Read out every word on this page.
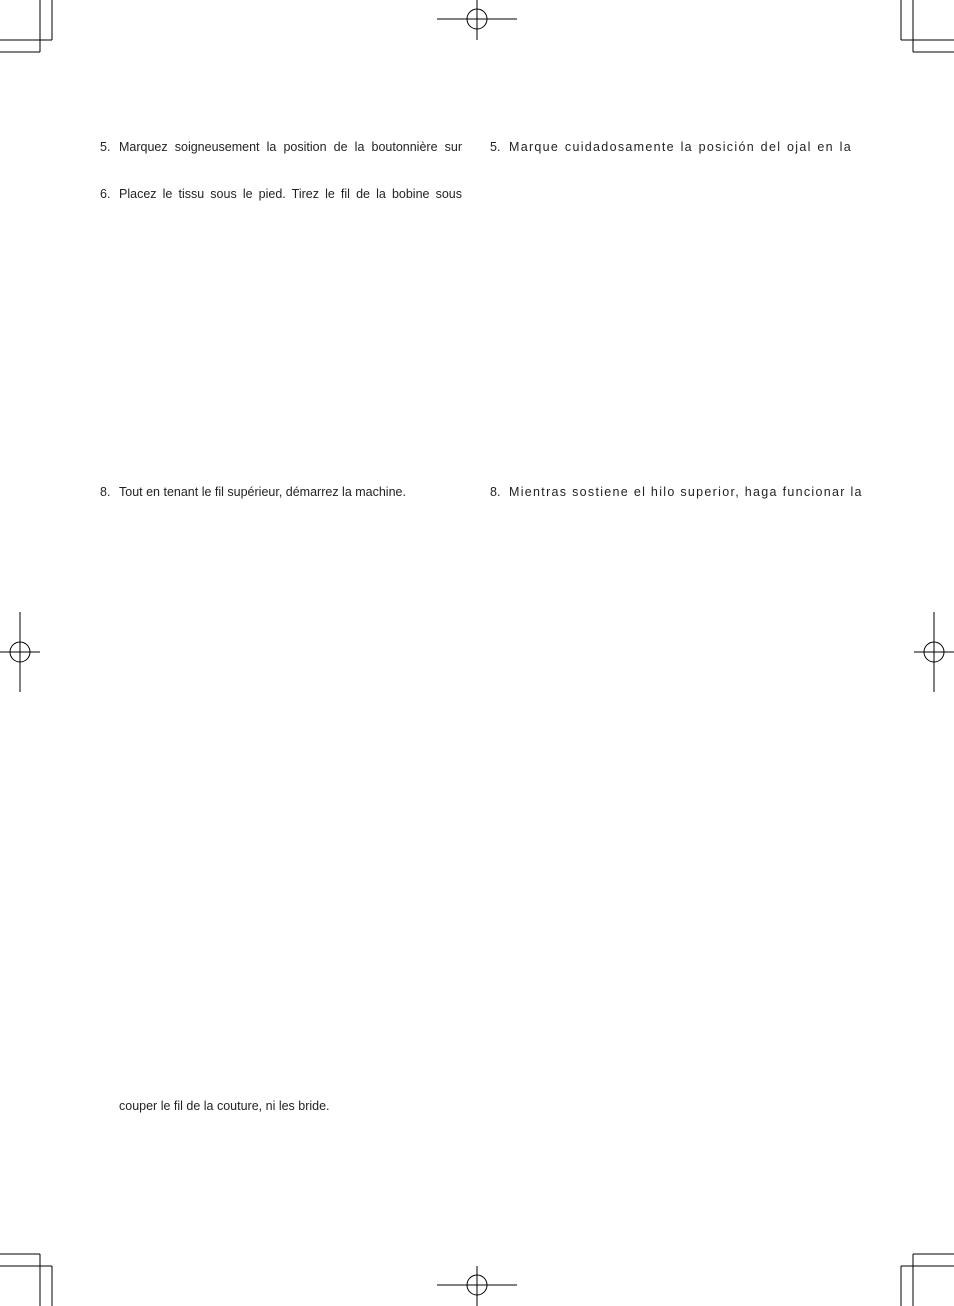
5. Marquez soigneusement la position de la boutonnière sur
6. Placez le tissu sous le pied. Tirez le fil de la bobine sous
8. Tout en tenant le fil supérieur, démarrez la machine.
couper le fil de la couture, ni les bride.
5. Marque cuidadosamente la posición del ojal en la
8. Mientras sostiene el hilo superior, haga funcionar la
